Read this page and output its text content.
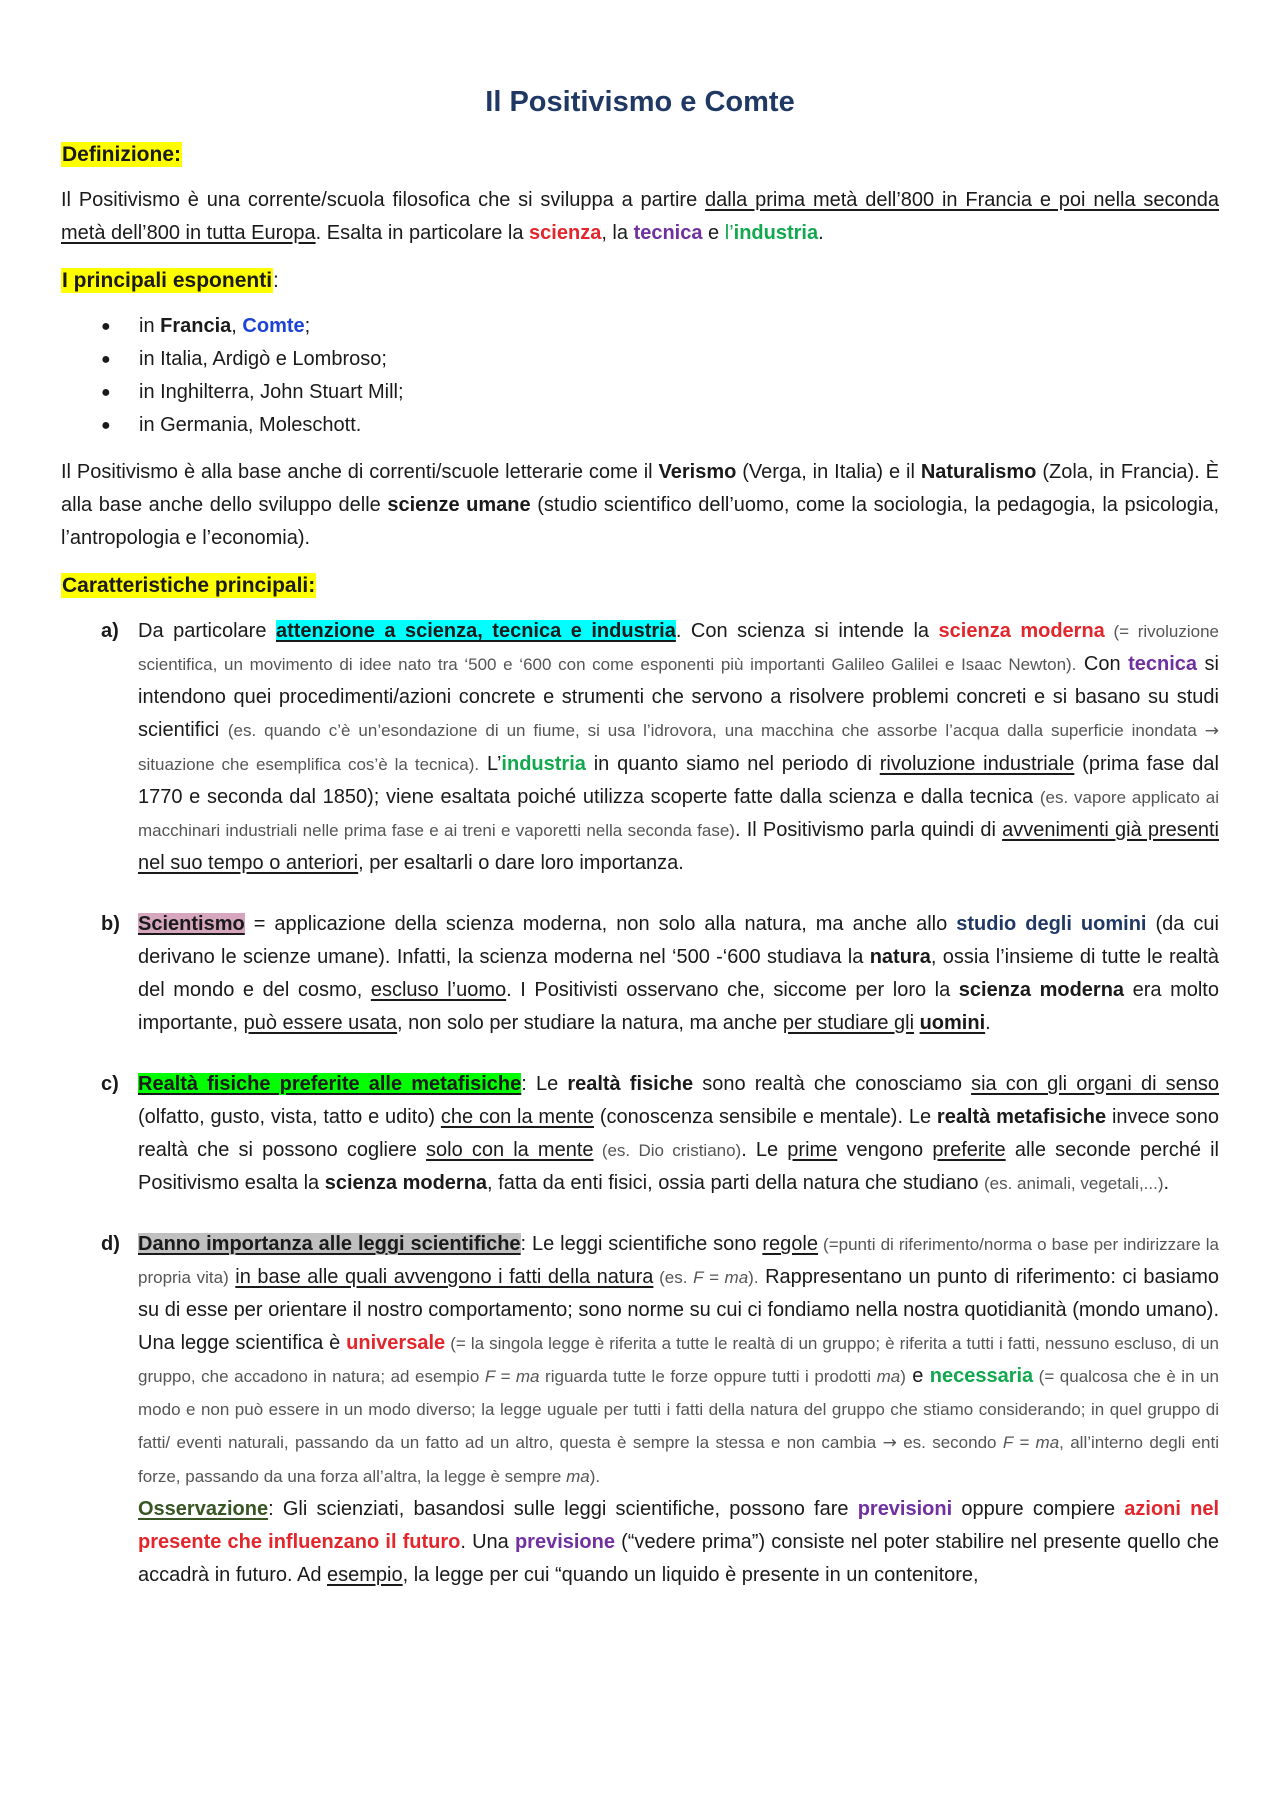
Il Positivismo e Comte
Definizione:

Il Positivismo è una corrente/scuola filosofica che si sviluppa a partire dalla prima metà dell’800 in Francia e poi nella seconda metà dell’800 in tutta Europa. Esalta in particolare la scienza, la tecnica e l’industria.

I principali esponenti:
● in Francia, Comte;
● in Italia, Ardigò e Lombroso;
● in Inghilterra, John Stuart Mill;
● in Germania, Moleschott.

Il Positivismo è alla base anche di correnti/scuole letterarie come il Verismo (Verga, in Italia) e il Naturalismo (Zola, in Francia). È alla base anche dello sviluppo delle scienze umane (studio scientifico dell’uomo, come la sociologia, la pedagogia, la psicologia, l’antropologia e l’economia).

Caratteristiche principali:
a) Da particolare attenzione a scienza, tecnica e industria. Con scienza si intende la scienza moderna (= rivoluzione scientifica, un movimento di idee nato tra ‘500 e ‘600 con come esponenti più importanti Galileo Galilei e Isaac Newton). Con tecnica si intendono quei procedimenti/azioni concrete e strumenti che servono a risolvere problemi concreti e si basano su studi scientifici (es. quando c’è un’esondazione di un fiume, si usa l’idrovora, una macchina che assorbe l’acqua dalla superficie inondata → situazione che esemplifica cos’è la tecnica). L’industria in quanto siamo nel periodo di rivoluzione industriale (prima fase dal 1770 e seconda dal 1850); viene esaltata poiché utilizza scoperte fatte dalla scienza e dalla tecnica (es. vapore applicato ai macchinari industriali nelle prima fase e ai treni e vaporetti nella seconda fase). Il Positivismo parla quindi di avvenimenti già presenti nel suo tempo o anteriori, per esaltarli o dare loro importanza.
b) Scientismo = applicazione della scienza moderna, non solo alla natura, ma anche allo studio degli uomini (da cui derivano le scienze umane). Infatti, la scienza moderna nel ‘500 -‘600 studiava la natura, ossia l’insieme di tutte le realtà del mondo e del cosmo, escluso l’uomo. I Positivisti osservano che, siccome per loro la scienza moderna era molto importante, può essere usata, non solo per studiare la natura, ma anche per studiare gli uomini.
c) Realtà fisiche preferite alle metafisiche: Le realtà fisiche sono realtà che conosciamo sia con gli organi di senso (olfatto, gusto, vista, tatto e udito) che con la mente (conoscenza sensibile e mentale). Le realtà metafisiche invece sono realtà che si possono cogliere solo con la mente (es. Dio cristiano). Le prime vengono preferite alle seconde perché il Positivismo esalta la scienza moderna, fatta da enti fisici, ossia parti della natura che studiano (es. animali, vegetali,...).
d) Danno importanza alle leggi scientifiche: Le leggi scientifiche sono regole (=punti di riferimento/norma o base per indirizzare la propria vita) in base alle quali avvengono i fatti della natura (es. F = ma). Rappresentano un punto di riferimento: ci basiamo su di esse per orientare il nostro comportamento; sono norme su cui ci fondiamo nella nostra quotidianità (mondo umano). Una legge scientifica è universale (= la singola legge è riferita a tutte le realtà di un gruppo; è riferita a tutti i fatti, nessuno escluso, di un gruppo, che accadono in natura; ad esempio F = ma riguarda tutte le forze oppure tutti i prodotti ma) e necessaria (= qualcosa che è in un modo e non può essere in un modo diverso; la legge uguale per tutti i fatti della natura del gruppo che stiamo considerando; in quel gruppo di fatti/ eventi naturali, passando da un fatto ad un altro, questa è sempre la stessa e non cambia → es. secondo F = ma, all’interno degli enti forze, passando da una forza all’altra, la legge è sempre ma).
Osservazione: Gli scienziati, basandosi sulle leggi scientifiche, possono fare previsioni oppure compiere azioni nel presente che influenzano il futuro. Una previsione (“vedere prima”) consiste nel poter stabilire nel presente quello che accadrà in futuro. Ad esempio, la legge per cui “quando un liquido è presente in un contenitore,
